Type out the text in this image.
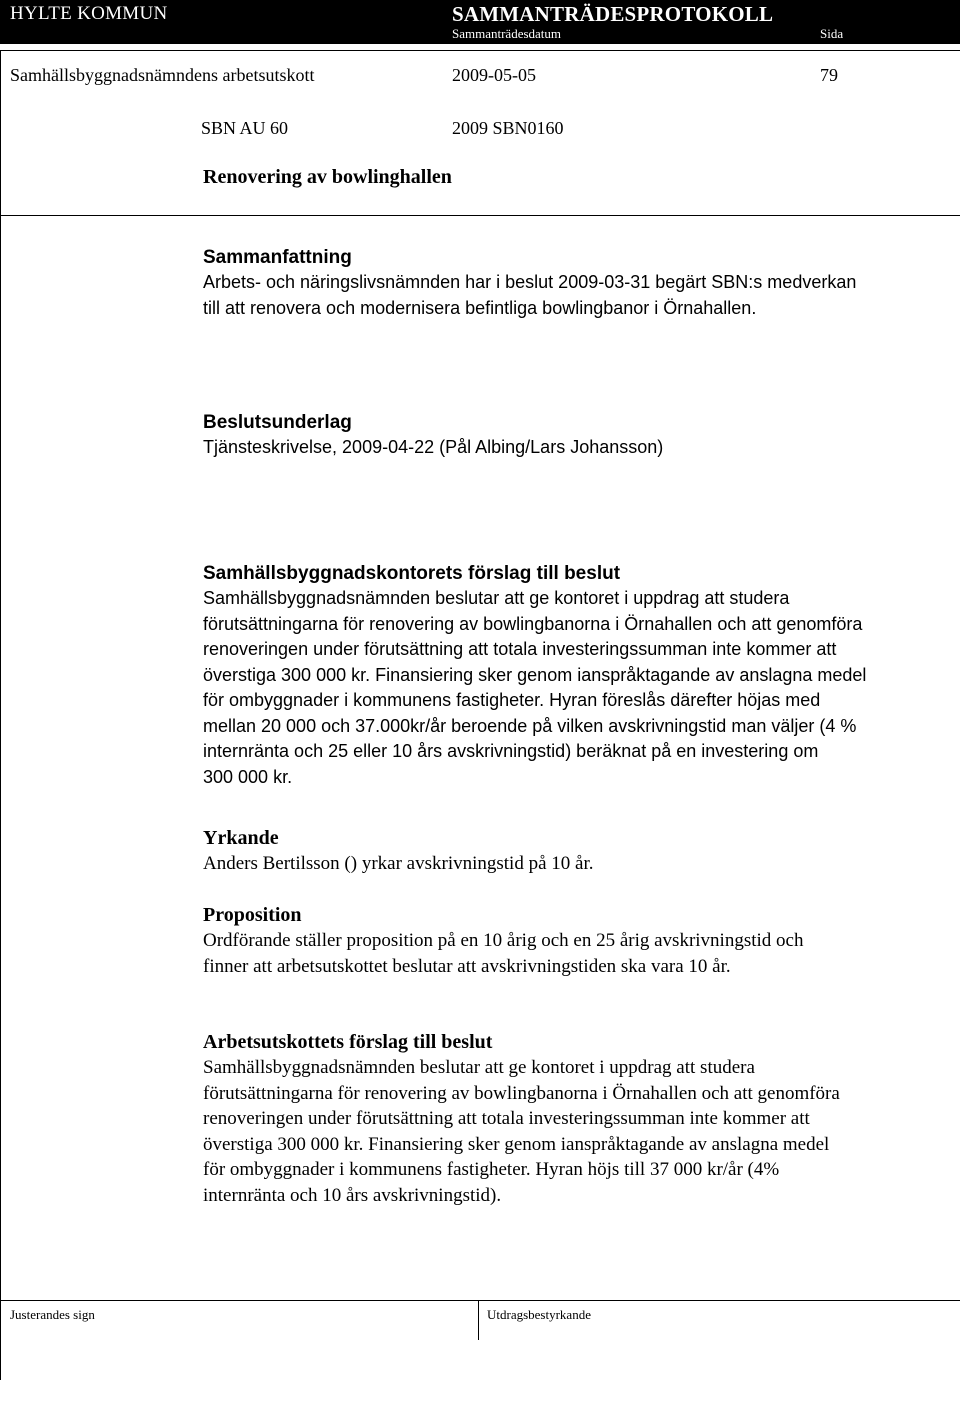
HYLTE KOMMUN	SAMMANTRÄDESPROTOKOLL
Sammanträdesdatum	Sida
Samhällsbyggnadsnämndens arbetsutskott	2009-05-05	79
SBN AU 60	2009 SBN0160
Renovering av bowlinghallen

Sammanfattning

Arbets- och näringslivsnämnden har i beslut 2009-03-31 begärt SBN:s medverkan
till att renovera och modernisera befintliga bowlingbanor i Örnahallen.

Beslutsunderlag

Tjänsteskrivelse, 2009-04-22 (Pål Albing/Lars Johansson)

Samhällsbyggnadskontorets förslag till beslut

Samhällsbyggnadsnämnden beslutar att ge kontoret i uppdrag att studera
förutsättningarna för renovering av bowlingbanorna i Örnahallen och att genomföra
renoveringen under förutsättning att totala investeringssumman inte kommer att
överstiga 300 000 kr. Finansiering sker genom ianspråktagande av anslagna medel
för ombyggnader i kommunens fastigheter. Hyran föreslås därefter höjas med
mellan 20 000 och 37.000kr/år beroende på vilken avskrivningstid man väljer (4 %
internränta och 25 eller 10 års avskrivningstid) beräknat på en investering om
300 000 kr.

Yrkande

Anders Bertilsson () yrkar avskrivningstid på 10 år.

Proposition

Ordförande ställer proposition på en 10 årig och en 25 årig avskrivningstid och
finner att arbetsutskottet beslutar att avskrivningstiden ska vara 10 år.

Arbetsutskottets förslag till beslut

Samhällsbyggnadsnämnden beslutar att ge kontoret i uppdrag att studera
förutsättningarna för renovering av bowlingbanorna i Örnahallen och att genomföra
renoveringen under förutsättning att totala investeringssumman inte kommer att
överstiga 300 000 kr. Finansiering sker genom ianspråktagande av anslagna medel
för ombyggnader i kommunens fastigheter. Hyran höjs till 37 000 kr/år (4%
internränta och 10 års avskrivningstid).

Justerandes sign	Utdragsbestyrkande
